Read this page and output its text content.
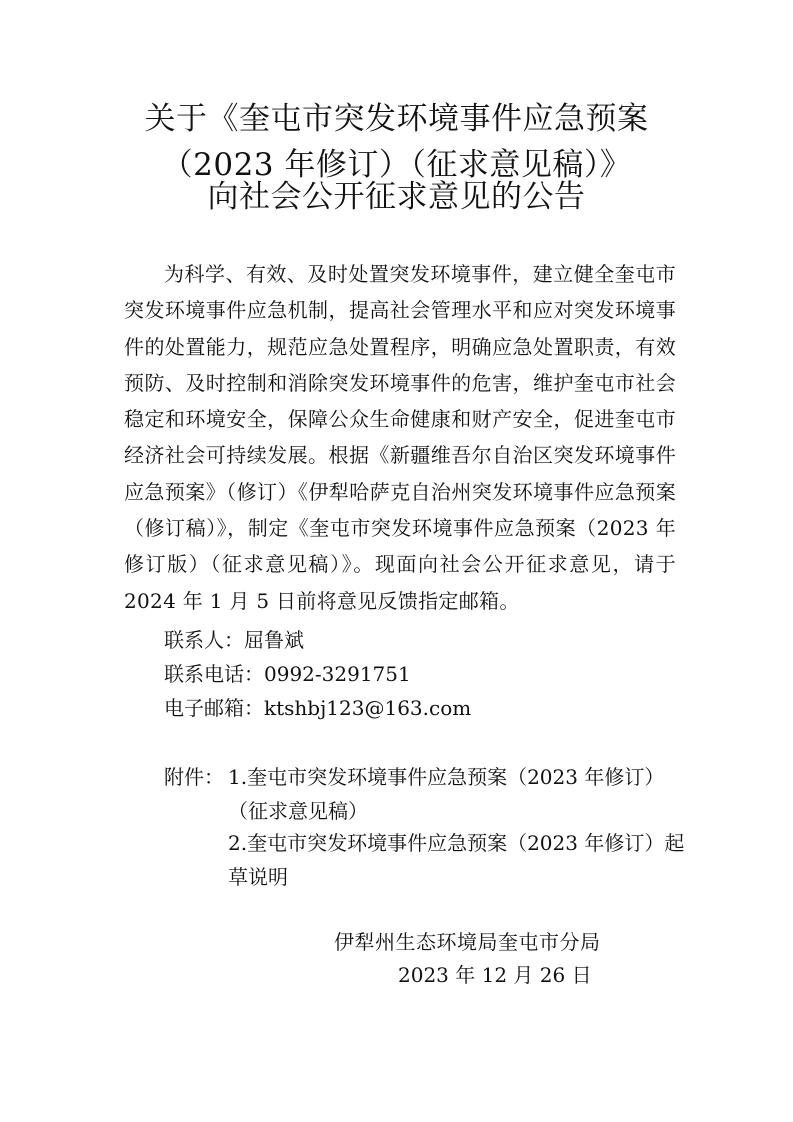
关于《奎屯市突发环境事件应急预案
（2023 年修订）（征求意见稿）》
向社会公开征求意见的公告
为科学、有效、及时处置突发环境事件，建立健全奎屯市突发环境事件应急机制，提高社会管理水平和应对突发环境事件的处置能力，规范应急处置程序，明确应急处置职责，有效预防、及时控制和消除突发环境事件的危害，维护奎屯市社会稳定和环境安全，保障公众生命健康和财产安全，促进奎屯市经济社会可持续发展。根据《新疆维吾尔自治区突发环境事件应急预案》（修订）《伊犁哈萨克自治州突发环境事件应急预案（修订稿）》，制定《奎屯市突发环境事件应急预案（2023 年修订版）（征求意见稿）》。现面向社会公开征求意见，请于 2024 年 1 月 5 日前将意见反馈指定邮箱。
联系人：屈鲁斌
联系电话：0992-3291751
电子邮箱：ktshbj123@163.com
附件： 1.奎屯市突发环境事件应急预案（2023 年修订）（征求意见稿）
2.奎屯市突发环境事件应急预案（2023 年修订）起草说明
伊犁州生态环境局奎屯市分局
2023 年 12 月 26 日
